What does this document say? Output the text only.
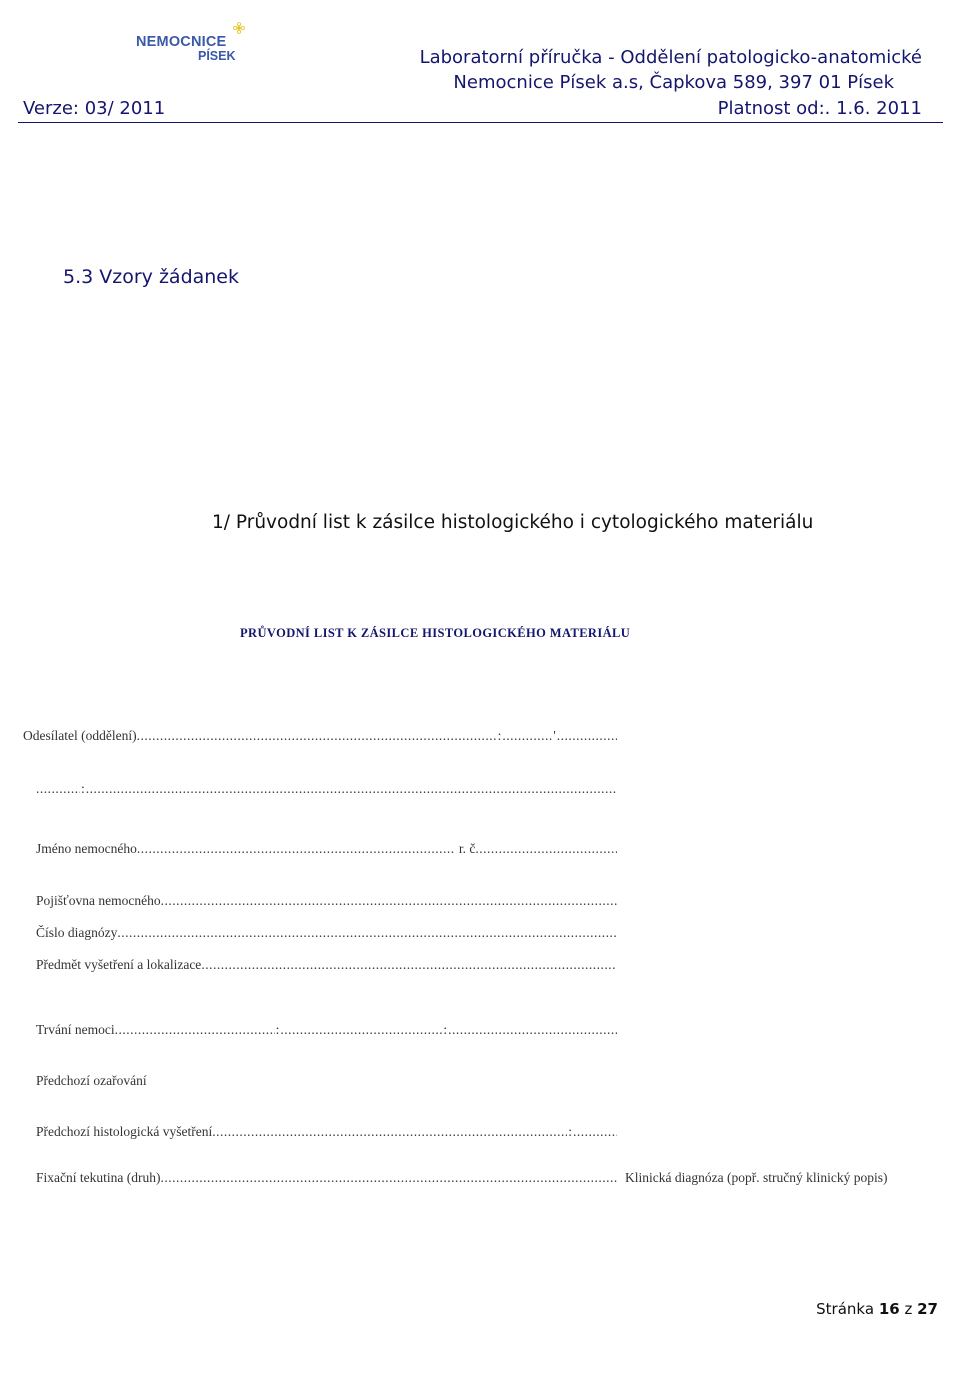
NEMOCNICE
PÍSEK	Laboratorní příručka - Oddělení patologicko-anatomické
Nemocnice Písek a.s, Čapkova 589, 397 01 Písek
Verze: 03/ 2011	Platnost od:. 1.6. 2011
5.3 Vzory žádanek
1/ Průvodní list k zásilce histologického i cytologického materiálu
PRŮVODNÍ LIST K ZÁSILCE HISTOLOGICKÉHO MATERIÁLU
Odesílatel (oddělení) .....	: .....	'
.....
.....
:
.....
Jméno nemocného .....	r. č
.....
Pojišťovna nemocného
.....
Číslo diagnózy
.....
Předmět vyšetření a lokalizace
.....
Trvání nemoci .....	: .....	:
.....
Předchozí ozařování
Předchozí histologická vyšetření .....	:
.....
Fixační tekutina (druh) .....	Klinická diagnóza (popř. stručný klinický popis)
Stránka 16 z 27
